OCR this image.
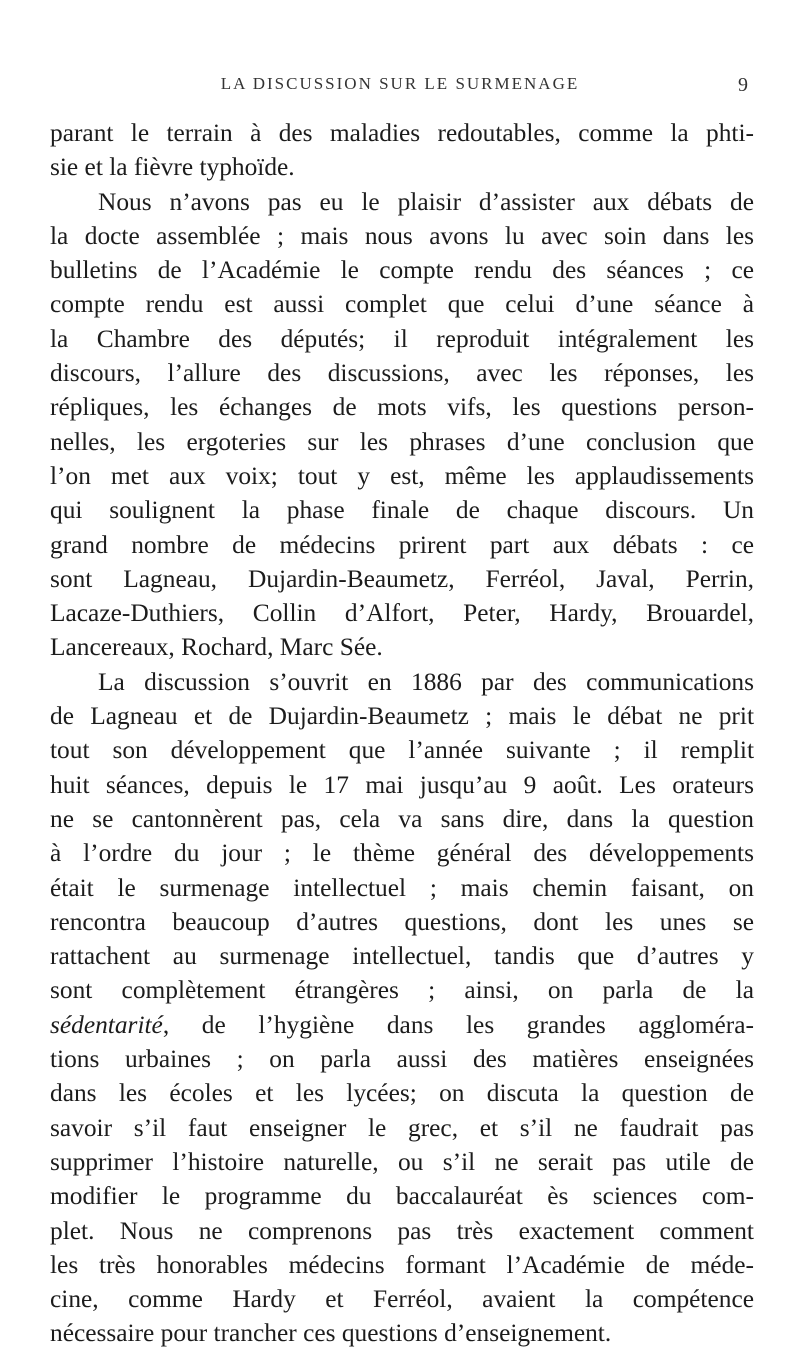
LA DISCUSSION SUR LE SURMENAGE	9
parant le terrain à des maladies redoutables, comme la phti-
sie et la fièvre typhoïde.
Nous n’avons pas eu le plaisir d’assister aux débats de
la docte assemblée ; mais nous avons lu avec soin dans les
bulletins de l’Académie le compte rendu des séances ; ce
compte rendu est aussi complet que celui d’une séance à
la Chambre des députés; il reproduit intégralement les
discours, l’allure des discussions, avec les réponses, les
répliques, les échanges de mots vifs, les questions person-
nelles, les ergoteries sur les phrases d’une conclusion que
l’on met aux voix; tout y est, même les applaudissements
qui soulignent la phase finale de chaque discours. Un
grand nombre de médecins prirent part aux débats : ce
sont Lagneau, Dujardin-Beaumetz, Ferréol, Javal, Perrin,
Lacaze-Duthiers, Collin d’Alfort, Peter, Hardy, Brouardel,
Lancereaux, Rochard, Marc Sée.
La discussion s’ouvrit en 1886 par des communications
de Lagneau et de Dujardin-Beaumetz ; mais le débat ne prit
tout son développement que l’année suivante ; il remplit
huit séances, depuis le 17 mai jusqu’au 9 août. Les orateurs
ne se cantonnèrent pas, cela va sans dire, dans la question
à l’ordre du jour ; le thème général des développements
était le surmenage intellectuel ; mais chemin faisant, on
rencontra beaucoup d’autres questions, dont les unes se
rattachent au surmenage intellectuel, tandis que d’autres y
sont complètement étrangères ; ainsi, on parla de la
sédentarité, de l’hygiène dans les grandes aggloméra-
tions urbaines ; on parla aussi des matières enseignées
dans les écoles et les lycées; on discuta la question de
savoir s’il faut enseigner le grec, et s’il ne faudrait pas
supprimer l’histoire naturelle, ou s’il ne serait pas utile de
modifier le programme du baccalauréat ès sciences com-
plet. Nous ne comprenons pas très exactement comment
les très honorables médecins formant l’Académie de méde-
cine, comme Hardy et Ferréol, avaient la compétence
nécessaire pour trancher ces questions d’enseignement.
